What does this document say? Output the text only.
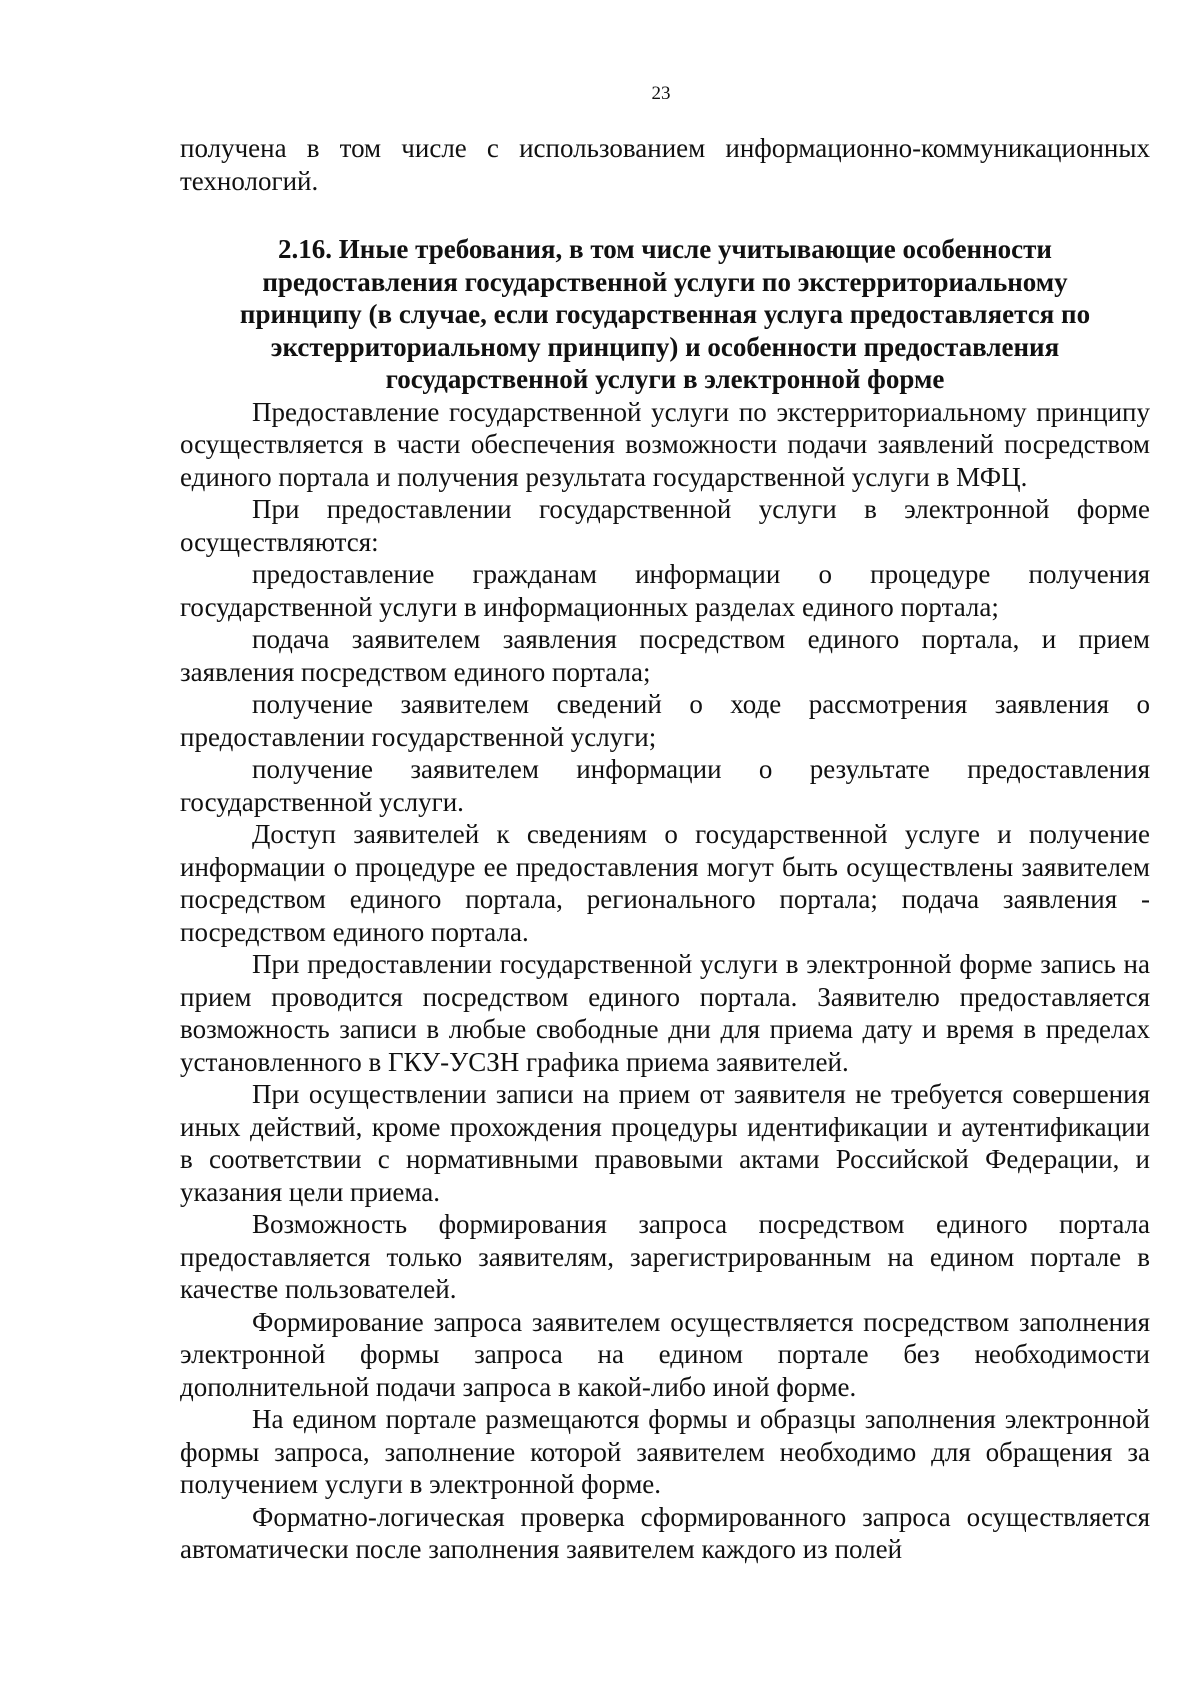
23

получена в том числе с использованием информационно-коммуникационных технологий.

2.16. Иные требования, в том числе учитывающие особенности предоставления государственной услуги по экстерриториальному принципу (в случае, если государственная услуга предоставляется по экстерриториальному принципу) и особенности предоставления государственной услуги в электронной форме

Предоставление государственной услуги по экстерриториальному принципу осуществляется в части обеспечения возможности подачи заявлений посредством единого портала и получения результата государственной услуги в МФЦ.

При предоставлении государственной услуги в электронной форме осуществляются:

предоставление гражданам информации о процедуре получения государственной услуги в информационных разделах единого портала;

подача заявителем заявления посредством единого портала, и прием заявления посредством единого портала;

получение заявителем сведений о ходе рассмотрения заявления о предоставлении государственной услуги;

получение заявителем информации о результате предоставления государственной услуги.

Доступ заявителей к сведениям о государственной услуге и получение информации о процедуре ее предоставления могут быть осуществлены заявителем посредством единого портала, регионального портала; подача заявления - посредством единого портала.

При предоставлении государственной услуги в электронной форме запись на прием проводится посредством единого портала. Заявителю предоставляется возможность записи в любые свободные дни для приема дату и время в пределах установленного в ГКУ-УСЗН графика приема заявителей.

При осуществлении записи на прием от заявителя не требуется совершения иных действий, кроме прохождения процедуры идентификации и аутентификации в соответствии с нормативными правовыми актами Российской Федерации, и указания цели приема.

Возможность формирования запроса посредством единого портала предоставляется только заявителям, зарегистрированным на едином портале в качестве пользователей.

Формирование запроса заявителем осуществляется посредством заполнения электронной формы запроса на едином портале без необходимости дополнительной подачи запроса в какой-либо иной форме.

На едином портале размещаются формы и образцы заполнения электронной формы запроса, заполнение которой заявителем необходимо для обращения за получением услуги в электронной форме.

Форматно-логическая проверка сформированного запроса осуществляется автоматически после заполнения заявителем каждого из полей
